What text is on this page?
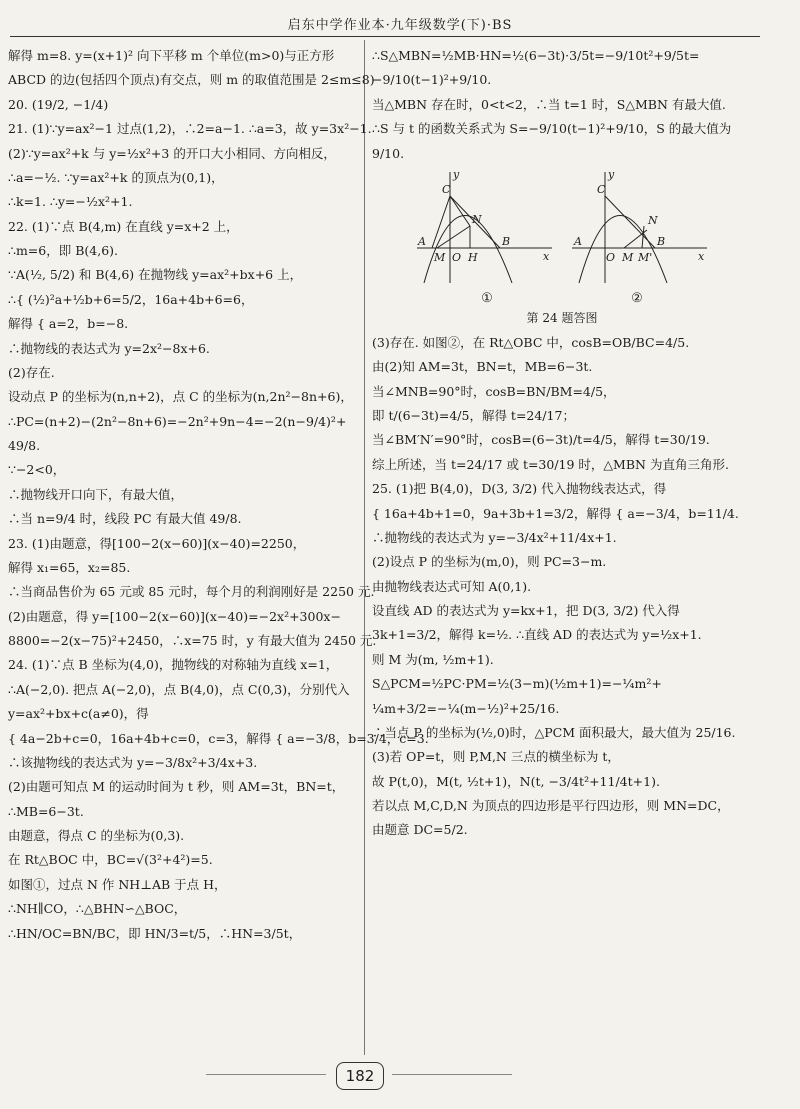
启东中学作业本·九年级数学(下)·BS

解得 m=8. y=(x+1)² 向下平移 m 个单位(m>0)与正方形

ABCD 的边(包括四个顶点)有交点，则 m 的取值范围是 2≤m≤8)

20. (19/2, −1/4)

21. (1)∵y=ax²−1 过点(1,2)，∴2=a−1. ∴a=3，故 y=3x²−1.

(2)∵y=ax²+k 与 y=½x²+3 的开口大小相同、方向相反，

∴a=−½. ∵y=ax²+k 的顶点为(0,1)，

∴k=1. ∴y=−½x²+1.

22. (1)∵点 B(4,m) 在直线 y=x+2 上，

∴m=6，即 B(4,6).

∵A(½, 5/2) 和 B(4,6) 在抛物线 y=ax²+bx+6 上，

∴{ (½)²a+½b+6=5/2，16a+4b+6=6，

解得 { a=2，b=−8.

∴抛物线的表达式为 y=2x²−8x+6.

(2)存在.

设动点 P 的坐标为(n,n+2)，点 C 的坐标为(n,2n²−8n+6)，

∴PC=(n+2)−(2n²−8n+6)=−2n²+9n−4=−2(n−9/4)²+

49/8.

∵−2<0，

∴抛物线开口向下，有最大值，

∴当 n=9/4 时，线段 PC 有最大值 49/8.

23. (1)由题意，得[100−2(x−60)](x−40)=2250，

解得 x₁=65，x₂=85.

∴当商品售价为 65 元或 85 元时，每个月的利润刚好是 2250 元.

(2)由题意，得 y=[100−2(x−60)](x−40)=−2x²+300x−

8800=−2(x−75)²+2450，∴x=75 时，y 有最大值为 2450 元.

24. (1)∵点 B 坐标为(4,0)，抛物线的对称轴为直线 x=1，

∴A(−2,0). 把点 A(−2,0)，点 B(4,0)，点 C(0,3)，分别代入

y=ax²+bx+c(a≠0)，得

{ 4a−2b+c=0，16a+4b+c=0，c=3，解得 { a=−3/8，b=3/4，c=3.

∴该抛物线的表达式为 y=−3/8x²+3/4x+3.

(2)由题可知点 M 的运动时间为 t 秒，则 AM=3t，BN=t，

∴MB=6−3t.

由题意，得点 C 的坐标为(0,3).

在 Rt△BOC 中，BC=√(3²+4²)=5.

如图①，过点 N 作 NH⊥AB 于点 H，

∴NH∥CO，∴△BHN∽△BOC，

∴HN/OC=BN/BC，即 HN/3=t/5，∴HN=3/5t，

∴S△MBN=½MB·HN=½(6−3t)·3/5t=−9/10t²+9/5t=

−9/10(t−1)²+9/10.

当△MBN 存在时，0<t<2，∴当 t=1 时，S△MBN 有最大值.

∴S 与 t 的函数关系式为 S=−9/10(t−1)²+9/10，S 的最大值为

9/10.

C
N
A
M O H
B
y
x
C
N
A
O M M'
B
y
x
①	②

第 24 题答图

(3)存在. 如图②，在 Rt△OBC 中，cosB=OB/BC=4/5.

由(2)知 AM=3t，BN=t，MB=6−3t.

当∠MNB=90°时，cosB=BN/BM=4/5，

即 t/(6−3t)=4/5，解得 t=24/17；

当∠BM′N′=90°时，cosB=(6−3t)/t=4/5，解得 t=30/19.

综上所述，当 t=24/17 或 t=30/19 时，△MBN 为直角三角形.

25. (1)把 B(4,0)，D(3, 3/2) 代入抛物线表达式，得

{ 16a+4b+1=0，9a+3b+1=3/2，解得 { a=−3/4，b=11/4.

∴抛物线的表达式为 y=−3/4x²+11/4x+1.

(2)设点 P 的坐标为(m,0)，则 PC=3−m.

由抛物线表达式可知 A(0,1).

设直线 AD 的表达式为 y=kx+1，把 D(3, 3/2) 代入得

3k+1=3/2，解得 k=½. ∴直线 AD 的表达式为 y=½x+1.

则 M 为(m, ½m+1).

S△PCM=½PC·PM=½(3−m)(½m+1)=−¼m²+

¼m+3/2=−¼(m−½)²+25/16.

∴当点 P 的坐标为(½,0)时，△PCM 面积最大，最大值为 25/16.

(3)若 OP=t，则 P,M,N 三点的横坐标为 t，

故 P(t,0)，M(t, ½t+1)，N(t, −3/4t²+11/4t+1).

若以点 M,C,D,N 为顶点的四边形是平行四边形，则 MN=DC，

由题意 DC=5/2.

182
